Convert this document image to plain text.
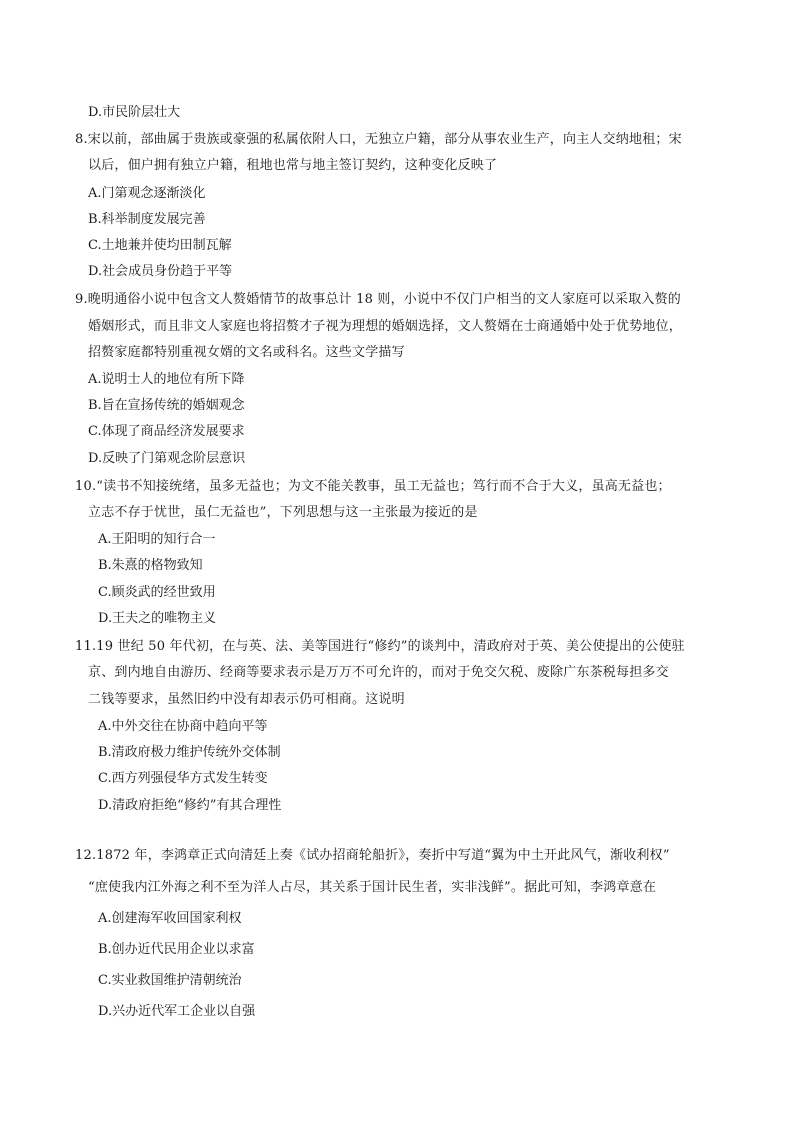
D.市民阶层壮大
8.宋以前，部曲属于贵族或豪强的私属依附人口，无独立户籍，部分从事农业生产，向主人交纳地租；宋
以后，佃户拥有独立户籍，租地也常与地主签订契约，这种变化反映了
A.门第观念逐渐淡化
B.科举制度发展完善
C.土地兼并使均田制瓦解
D.社会成员身份趋于平等
9.晚明通俗小说中包含文人赘婚情节的故事总计 18 则，小说中不仅门户相当的文人家庭可以采取入赘的
婚姻形式，而且非文人家庭也将招赘才子视为理想的婚姻选择，文人赘婿在士商通婚中处于优势地位，
招赘家庭都特别重视女婿的文名或科名。这些文学描写
A.说明士人的地位有所下降
B.旨在宣扬传统的婚姻观念
C.体现了商品经济发展要求
D.反映了门第观念阶层意识
10.“读书不知接统绪，虽多无益也；为文不能关教事，虽工无益也；笃行而不合于大义，虽高无益也；
立志不存于忧世，虽仁无益也”，下列思想与这一主张最为接近的是
A.王阳明的知行合一
B.朱熹的格物致知
C.顾炎武的经世致用
D.王夫之的唯物主义
11.19 世纪 50 年代初，在与英、法、美等国进行“修约”的谈判中，清政府对于英、美公使提出的公使驻
京、到内地自由游历、经商等要求表示是万万不可允许的，而对于免交欠税、废除广东茶税每担多交
二钱等要求，虽然旧约中没有却表示仍可相商。这说明
A.中外交往在协商中趋向平等
B.清政府极力维护传统外交体制
C.西方列强侵华方式发生转变
D.清政府拒绝“修约”有其合理性
12.1872 年，李鸿章正式向清廷上奏《试办招商轮船折》，奏折中写道“翼为中土开此风气，渐收利权”
“庶使我内江外海之利不至为洋人占尽，其关系于国计民生者，实非浅鲜”。据此可知，李鸿章意在
A.创建海军收回国家利权
B.创办近代民用企业以求富
C.实业救国维护清朝统治
D.兴办近代军工企业以自强
